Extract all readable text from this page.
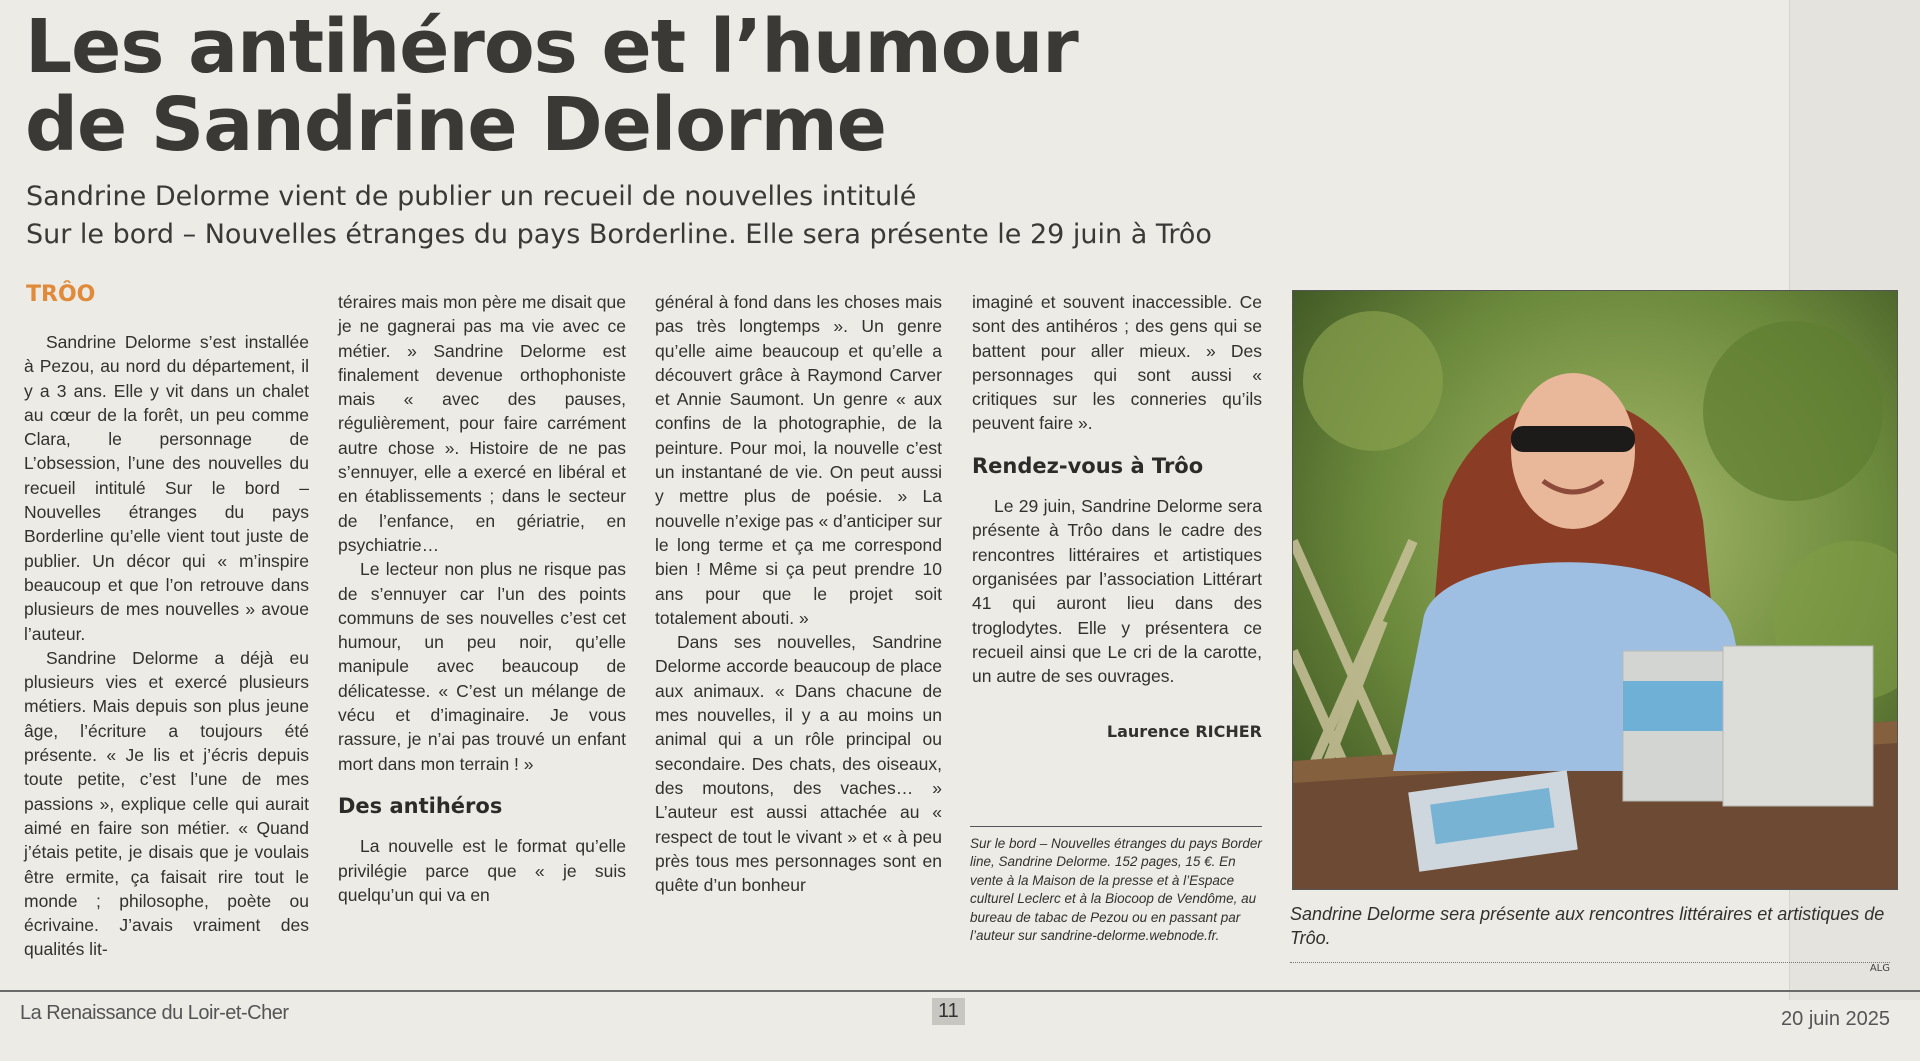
Les antihéros et l’humour
de Sandrine Delorme
Sandrine Delorme vient de publier un recueil de nouvelles intitulé
Sur le bord – Nouvelles étranges du pays Borderline. Elle sera présente le 29 juin à Trôo
TRÔO

Sandrine Delorme s’est installée à Pezou, au nord du département, il y a 3 ans. Elle y vit dans un chalet au cœur de la forêt, un peu comme Clara, le personnage de L’obsession, l’une des nouvelles du recueil intitulé Sur le bord – Nouvelles étranges du pays Borderline qu’elle vient tout juste de publier. Un décor qui « m’inspire beaucoup et que l’on retrouve dans plusieurs de mes nouvelles » avoue l’auteur.

Sandrine Delorme a déjà eu plusieurs vies et exercé plusieurs métiers. Mais depuis son plus jeune âge, l’écriture a toujours été présente. « Je lis et j’écris depuis toute petite, c’est l’une de mes passions », explique celle qui aurait aimé en faire son métier. « Quand j’étais petite, je disais que je voulais être ermite, ça faisait rire tout le monde ; philosophe, poète ou écrivaine. J’avais vraiment des qualités lit-

téraires mais mon père me disait que je ne gagnerai pas ma vie avec ce métier. » Sandrine Delorme est finalement devenue orthophoniste mais « avec des pauses, régulièrement, pour faire carrément autre chose ». Histoire de ne pas s’ennuyer, elle a exercé en libéral et en établissements ; dans le secteur de l’enfance, en gériatrie, en psychiatrie…

Le lecteur non plus ne risque pas de s’ennuyer car l’un des points communs de ses nouvelles c’est cet humour, un peu noir, qu’elle manipule avec beaucoup de délicatesse. « C’est un mélange de vécu et d’imaginaire. Je vous rassure, je n’ai pas trouvé un enfant mort dans mon terrain ! »

Des antihéros

La nouvelle est le format qu’elle privilégie parce que « je suis quelqu’un qui va en

général à fond dans les choses mais pas très longtemps ». Un genre qu’elle aime beaucoup et qu’elle a découvert grâce à Raymond Carver et Annie Saumont. Un genre « aux confins de la photographie, de la peinture. Pour moi, la nouvelle c’est un instantané de vie. On peut aussi y mettre plus de poésie. » La nouvelle n’exige pas « d’anticiper sur le long terme et ça me correspond bien ! Même si ça peut prendre 10 ans pour que le projet soit totalement abouti. »

Dans ses nouvelles, Sandrine Delorme accorde beaucoup de place aux animaux. « Dans chacune de mes nouvelles, il y a au moins un animal qui a un rôle principal ou secondaire. Des chats, des oiseaux, des moutons, des vaches… » L’auteur est aussi attachée au « respect de tout le vivant » et « à peu près tous mes personnages sont en quête d’un bonheur

imaginé et souvent inaccessible. Ce sont des antihéros ; des gens qui se battent pour aller mieux. » Des personnages qui sont aussi « critiques sur les conneries qu’ils peuvent faire ».

Rendez-vous à Trôo

Le 29 juin, Sandrine Delorme sera présente à Trôo dans le cadre des rencontres littéraires et artistiques organisées par l’association Littérart 41 qui auront lieu dans des troglodytes. Elle y présentera ce recueil ainsi que Le cri de la carotte, un autre de ses ouvrages.

Laurence RICHER
Sur le bord – Nouvelles étranges du pays Border line, Sandrine Delorme. 152 pages, 15 €. En vente à la Maison de la presse et à l’Espace culturel Leclerc et à la Biocoop de Vendôme, au bureau de tabac de Pezou ou en passant par l’auteur sur sandrine-delorme.webnode.fr.
Sandrine Delorme sera présente aux rencontres littéraires et artistiques de Trôo.
ALG
La Renaissance du Loir-et-Cher	11	20 juin 2025
